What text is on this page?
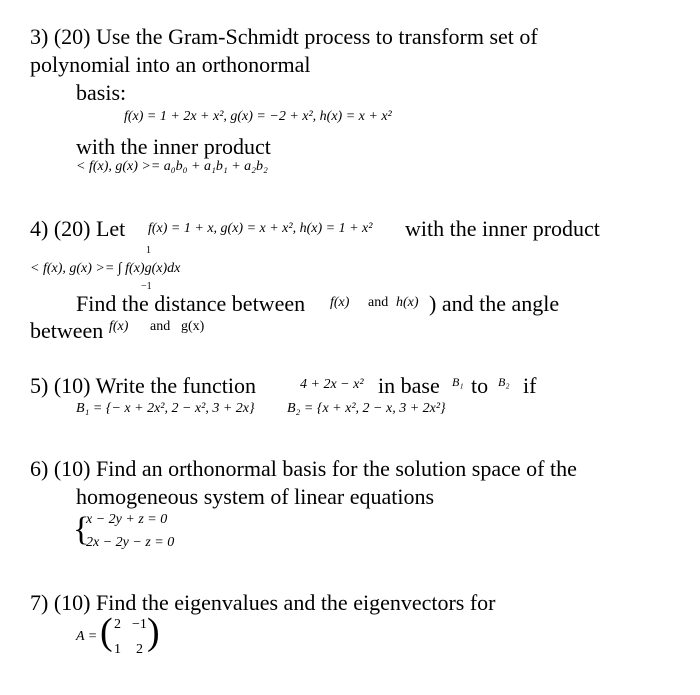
3) (20) Use the Gram-Schmidt process to transform set of
polynomial into an orthonormal
basis:
f(x) = 1 + 2x + x², g(x) = −2 + x², h(x) = x + x²
with the inner product
< f(x), g(x) >= a₀b₀ + a₁b₁ + a₂b₂
4) (20) Let f(x) = 1 + x, g(x) = x + x², h(x) = 1 + x² with the inner product
1
< f(x), g(x) >= ∫ f(x)g(x)dx
−1
Find the distance between f(x) and h(x) ) and the angle
between f(x) and g(x)
5) (10) Write the function	4 + 2x − x² in base B₁ to B₂ if
B₁ = {− x + 2x², 2 − x², 3 + 2x} B₂ = {x + x², 2 − x, 3 + 2x²}
6) (10) Find an orthonormal basis for the solution space of the
homogeneous system of linear equations
{
x − 2y + z = 0
2x − 2y − z = 0
7) (10) Find the eigenvalues and the eigenvectors for
A = ( 2 −1
1 2 )
